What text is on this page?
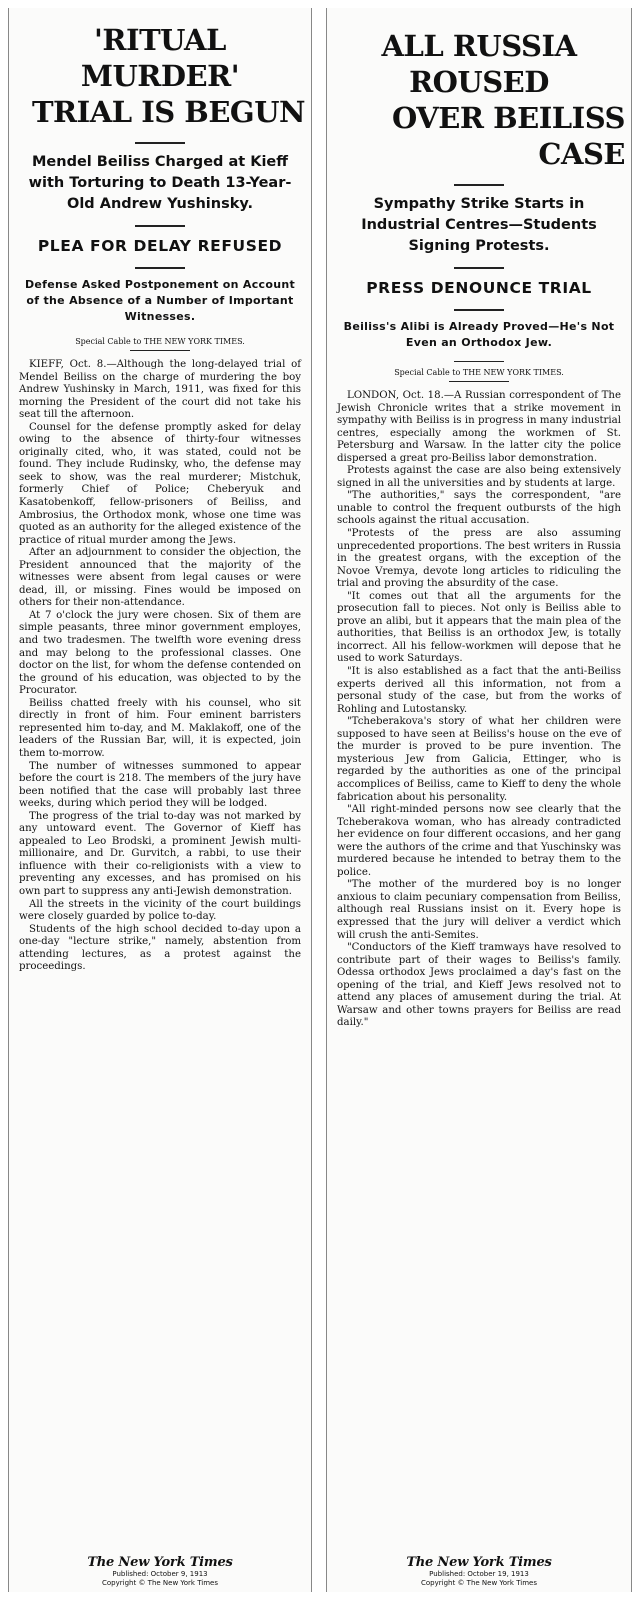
'RITUAL MURDER'
TRIAL IS BEGUN

Mendel Beiliss Charged at Kieff with Torturing to Death 13-Year-Old Andrew Yushinsky.

PLEA FOR DELAY REFUSED

Defense Asked Postponement on Account of the Absence of a Number of Important Witnesses.

Special Cable to THE NEW YORK TIMES.

KIEFF, Oct. 8.—Although the long-delayed trial of Mendel Beiliss on the charge of murdering the boy Andrew Yushinsky in March, 1911, was fixed for this morning the President of the court did not take his seat till the afternoon.

Counsel for the defense promptly asked for delay owing to the absence of thirty-four witnesses originally cited, who, it was stated, could not be found. They include Rudinsky, who, the defense may seek to show, was the real murderer; Mistchuk, formerly Chief of Police; Cheberyuk and Kasatobenkoff, fellow-prisoners of Beiliss, and Ambrosius, the Orthodox monk, whose one time was quoted as an authority for the alleged existence of the practice of ritual murder among the Jews.

After an adjournment to consider the objection, the President announced that the majority of the witnesses were absent from legal causes or were dead, ill, or missing. Fines would be imposed on others for their non-attendance.

At 7 o'clock the jury were chosen. Six of them are simple peasants, three minor government employes, and two tradesmen. The twelfth wore evening dress and may belong to the professional classes. One doctor on the list, for whom the defense contended on the ground of his education, was objected to by the Procurator.

Beiliss chatted freely with his counsel, who sit directly in front of him. Four eminent barristers represented him to-day, and M. Maklakoff, one of the leaders of the Russian Bar, will, it is expected, join them to-morrow.

The number of witnesses summoned to appear before the court is 218. The members of the jury have been notified that the case will probably last three weeks, during which period they will be lodged.

The progress of the trial to-day was not marked by any untoward event. The Governor of Kieff has appealed to Leo Brodski, a prominent Jewish multi-millionaire, and Dr. Gurvitch, a rabbi, to use their influence with their co-religionists with a view to preventing any excesses, and has promised on his own part to suppress any anti-Jewish demonstration.

All the streets in the vicinity of the court buildings were closely guarded by police to-day.

Students of the high school decided to-day upon a one-day "lecture strike," namely, abstention from attending lectures, as a protest against the proceedings.

The New York Times
Published: October 9, 1913
Copyright © The New York Times
ALL RUSSIA ROUSED
OVER BEILISS CASE

Sympathy Strike Starts in Industrial Centres—Students Signing Protests.

PRESS DENOUNCE TRIAL

Beiliss's Alibi is Already Proved—He's Not Even an Orthodox Jew.

Special Cable to THE NEW YORK TIMES.

LONDON, Oct. 18.—A Russian correspondent of The Jewish Chronicle writes that a strike movement in sympathy with Beiliss is in progress in many industrial centres, especially among the workmen of St. Petersburg and Warsaw. In the latter city the police dispersed a great pro-Beiliss labor demonstration.

Protests against the case are also being extensively signed in all the universities and by students at large.

"The authorities," says the correspondent, "are unable to control the frequent outbursts of the high schools against the ritual accusation.

"Protests of the press are also assuming unprecedented proportions. The best writers in Russia in the greatest organs, with the exception of the Novoe Vremya, devote long articles to ridiculing the trial and proving the absurdity of the case.

"It comes out that all the arguments for the prosecution fall to pieces. Not only is Beiliss able to prove an alibi, but it appears that the main plea of the authorities, that Beiliss is an orthodox Jew, is totally incorrect. All his fellow-workmen will depose that he used to work Saturdays.

"It is also established as a fact that the anti-Beiliss experts derived all this information, not from a personal study of the case, but from the works of Rohling and Lutostansky.

"Tcheberakova's story of what her children were supposed to have seen at Beiliss's house on the eve of the murder is proved to be pure invention. The mysterious Jew from Galicia, Ettinger, who is regarded by the authorities as one of the principal accomplices of Beiliss, came to Kieff to deny the whole fabrication about his personality.

"All right-minded persons now see clearly that the Tcheberakova woman, who has already contradicted her evidence on four different occasions, and her gang were the authors of the crime and that Yuschinsky was murdered because he intended to betray them to the police.

"The mother of the murdered boy is no longer anxious to claim pecuniary compensation from Beiliss, although real Russians insist on it. Every hope is expressed that the jury will deliver a verdict which will crush the anti-Semites.

"Conductors of the Kieff tramways have resolved to contribute part of their wages to Beiliss's family. Odessa orthodox Jews proclaimed a day's fast on the opening of the trial, and Kieff Jews resolved not to attend any places of amusement during the trial. At Warsaw and other towns prayers for Beiliss are read daily."

The New York Times
Published: October 19, 1913
Copyright © The New York Times
